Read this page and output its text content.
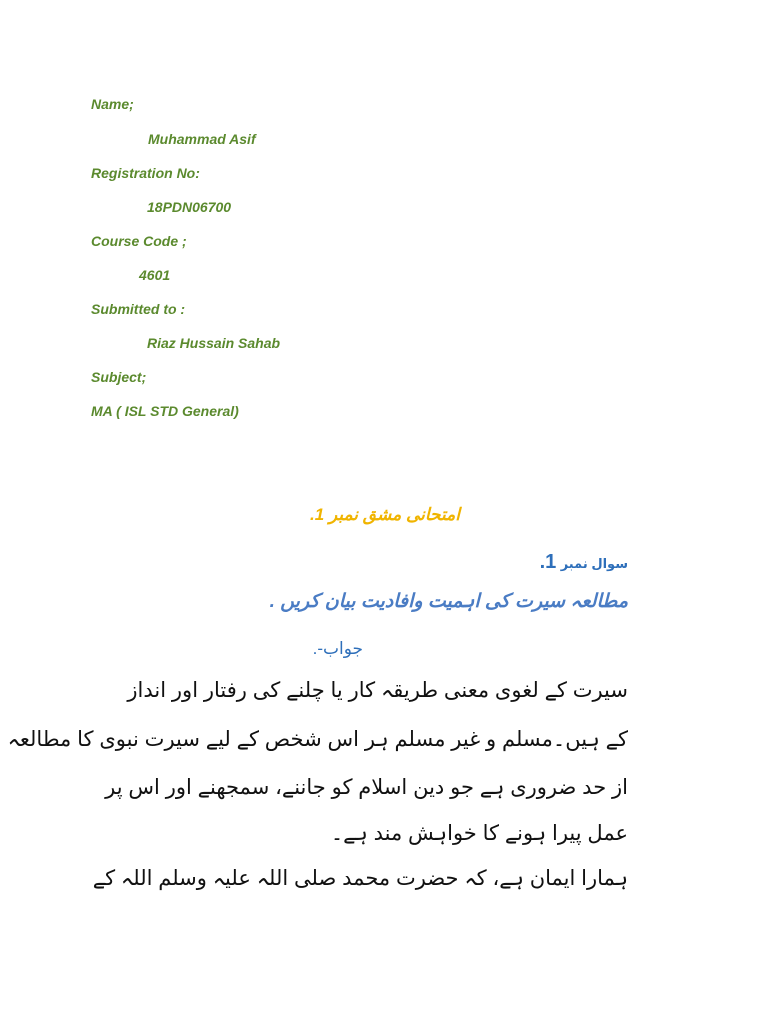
Name;
Muhammad Asif
Registration No:
18PDN06700
Course Code ;
4601
Submitted to :
Riaz Hussain Sahab
Subject;
MA ( ISL STD General)
امتحانی مشق نمبر 1.
سوال نمبر 1.
مطالعہ سیرت کی اہمیت وافادیت بیان کریں .
جواب-.
سیرت کے لغوی معنی طریقہ کار یا چلنے کی رفتار اور انداز
کے ہیں۔مسلم و غیر مسلم ہر اس شخص کے لیے سیرت نبوی کا مطالعہ
از حد ضروری ہے جو دین اسلام کو جاننے، سمجھنے اور اس پر
عمل پیرا ہونے کا خواہش مند ہے۔
ہمارا ایمان ہے، کہ حضرت محمد صلی اللہ علیہ وسلم اللہ کے
